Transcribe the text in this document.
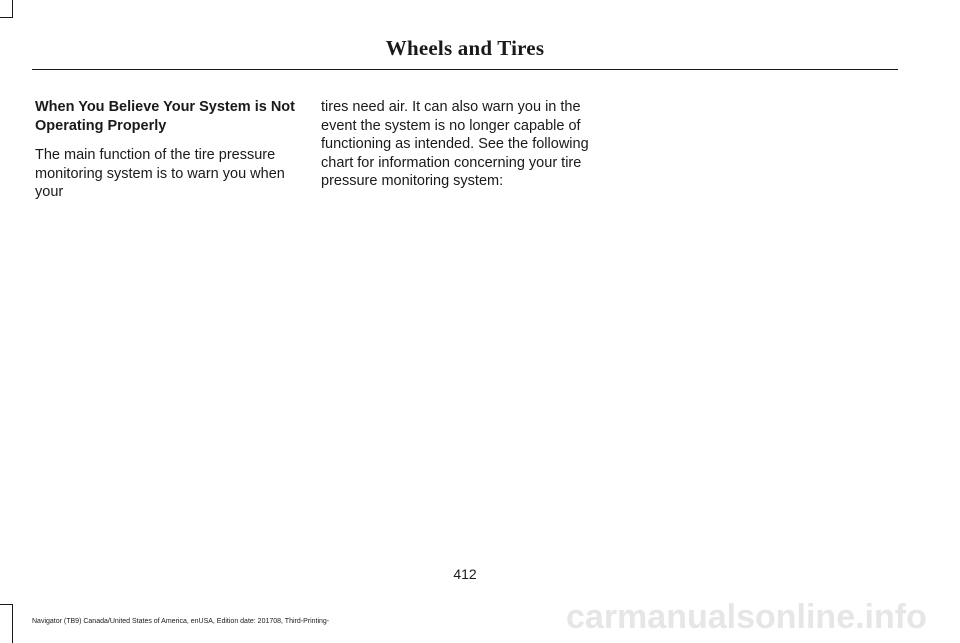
Wheels and Tires

When You Believe Your System is Not Operating Properly

The main function of the tire pressure monitoring system is to warn you when your

tires need air. It can also warn you in the event the system is no longer capable of functioning as intended. See the following chart for information concerning your tire pressure monitoring system:

412
Navigator (TB9) Canada/United States of America, enUSA, Edition date: 201708, Third-Printing-	carmanualsonline.info
